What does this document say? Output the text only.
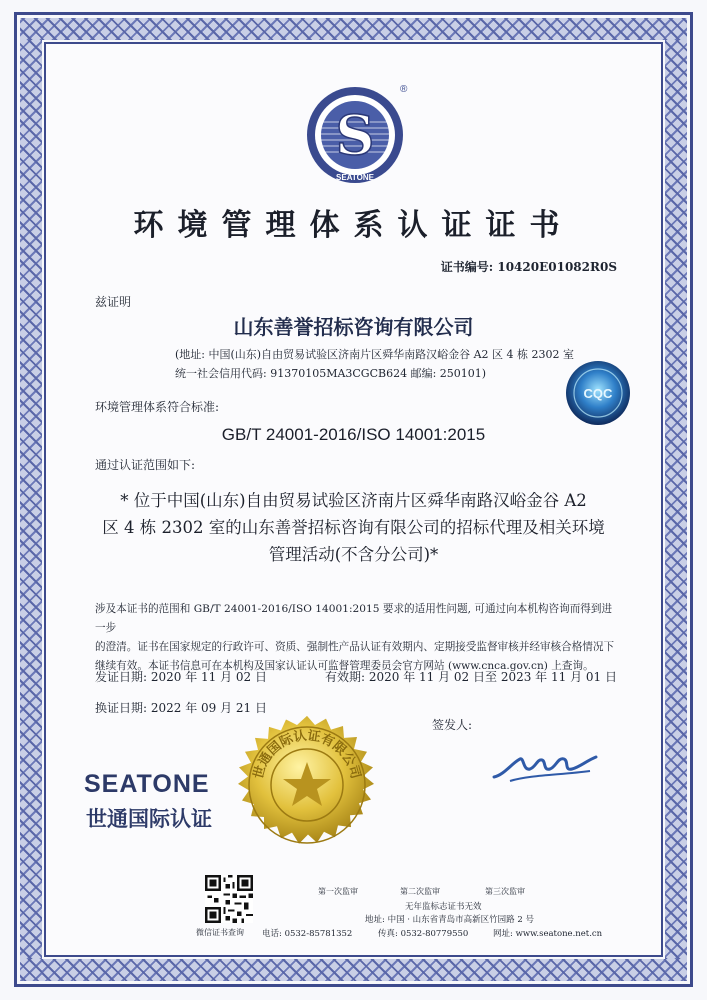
S
SEATONE
®
环境管理体系认证证书
证书编号: 10420E01082R0S
兹证明
山东善誉招标咨询有限公司
(地址: 中国(山东)自由贸易试验区济南片区舜华南路汉峪金谷 A2 区 4 栋 2302 室
统一社会信用代码: 91370105MA3CGCB624 邮编: 250101)
CQC
环境管理体系符合标准:
GB/T 24001-2016/ISO 14001:2015
通过认证范围如下:
* 位于中国(山东)自由贸易试验区济南片区舜华南路汉峪金谷 A2
区 4 栋 2302 室的山东善誉招标咨询有限公司的招标代理及相关环境
管理活动(不含分公司)*
涉及本证书的范围和 GB/T 24001-2016/ISO 14001:2015 要求的适用性问题, 可通过向本机构咨询而得到进一步
的澄清。证书在国家规定的行政许可、资质、强制性产品认证有效期内、定期接受监督审核并经审核合格情况下
继续有效。本证书信息可在本机构及国家认证认可监督管理委员会官方网站 (www.cnca.gov.cn) 上查询。
发证日期: 2020 年 11 月 02 日	有效期: 2020 年 11 月 02 日至 2023 年 11 月 01 日
换证日期: 2022 年 09 月 21 日
签发人:
世通国际认证有限公司
SEATONE
世通国际认证
第一次监审	第二次监审	第三次监审
微信证书查询
无年监标志证书无效
地址: 中国 · 山东省青岛市高新区竹园路 2 号
电话: 0532-85781352	传真: 0532-80779550	网址: www.seatone.net.cn
